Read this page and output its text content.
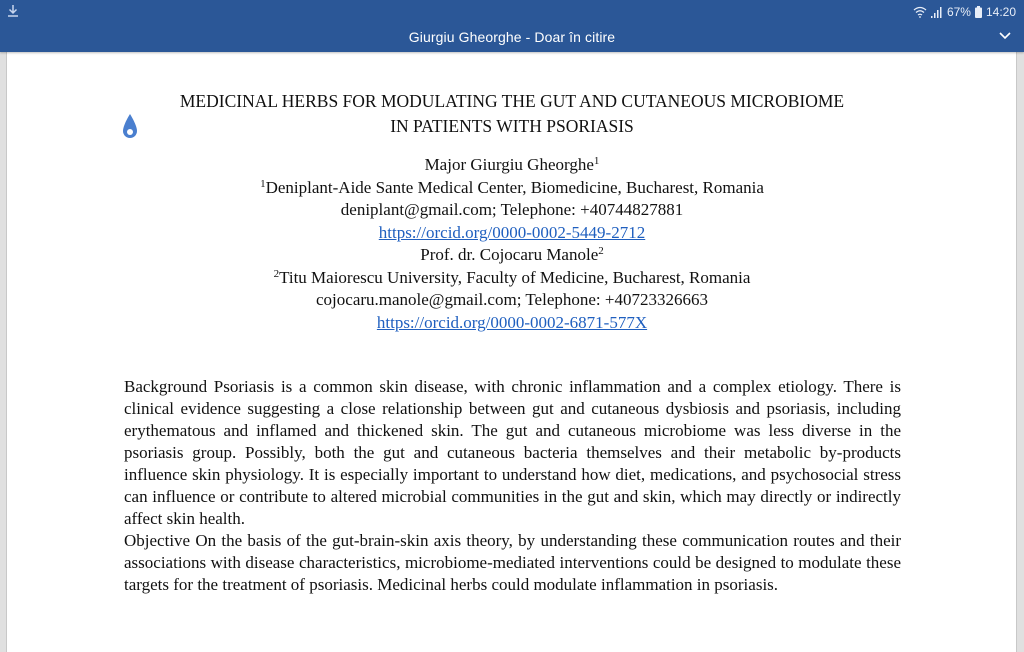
67% 14:20
Giurgiu Gheorghe - Doar în citire
MEDICINAL HERBS FOR MODULATING THE GUT AND CUTANEOUS MICROBIOME
IN PATIENTS WITH PSORIASIS
Major Giurgiu Gheorghe$^1$
$^1$Deniplant-Aide Sante Medical Center, Biomedicine, Bucharest, Romania
deniplant@gmail.com; Telephone: +40744827881
https://orcid.org/0000-0002-5449-2712
Prof. dr. Cojocaru Manole$^2$
$^2$Titu Maiorescu University, Faculty of Medicine, Bucharest, Romania
cojocaru.manole@gmail.com; Telephone: +40723326663
https://orcid.org/0000-0002-6871-577X

Background Psoriasis is a common skin disease, with chronic inflammation and a complex etiology. There is clinical evidence suggesting a close relationship between gut and cutaneous dysbiosis and psoriasis, including erythematous and inflamed and thickened skin. The gut and cutaneous microbiome was less diverse in the psoriasis group. Possibly, both the gut and cutaneous bacteria themselves and their metabolic by-products influence skin physiology. It is especially important to understand how diet, medications, and psychosocial stress can influence or contribute to altered microbial communities in the gut and skin, which may directly or indirectly affect skin health.

Objective On the basis of the gut-brain-skin axis theory, by understanding these communication routes and their associations with disease characteristics, microbiome-mediated interventions could be designed to modulate these targets for the treatment of psoriasis. Medicinal herbs could modulate inflammation in psoriasis.
